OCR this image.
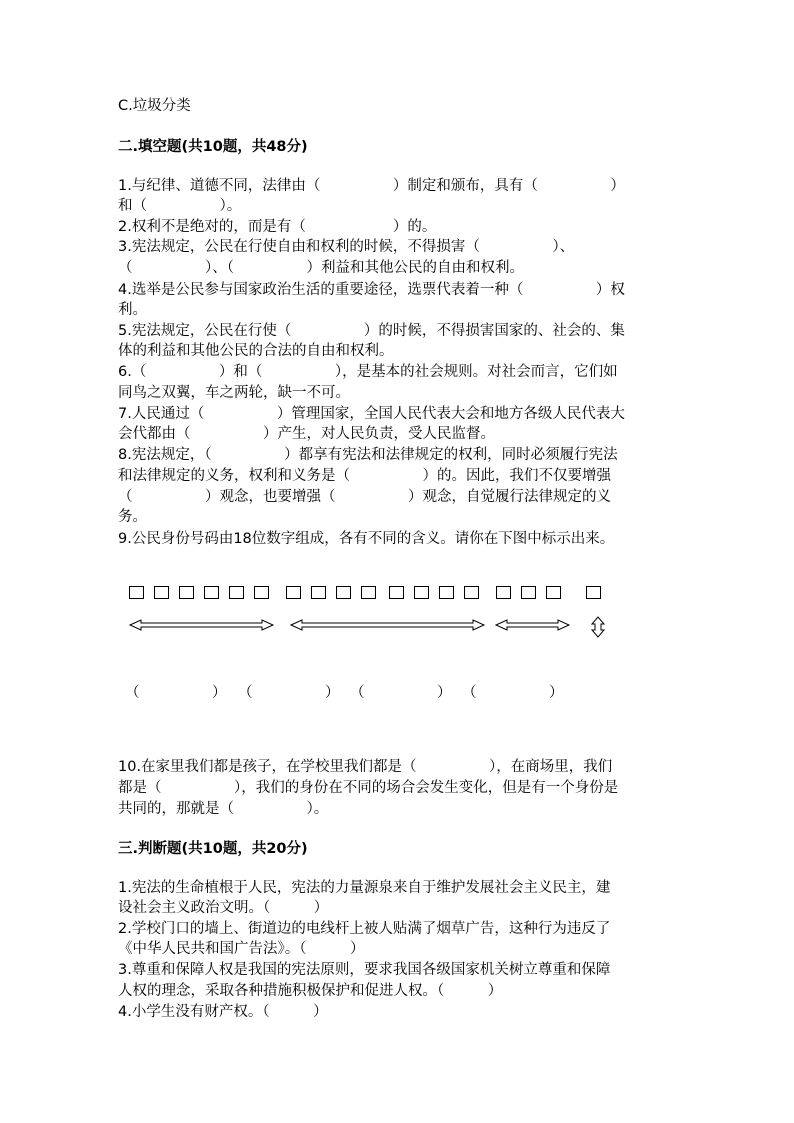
C.垃圾分类
二.填空题(共10题，共48分)
1.与纪律、道德不同，法律由（　　　　　）制定和颁布，具有（　　　　　）
和（　　　　　）。
2.权利不是绝对的，而是有（　　　　　　）的。
3.宪法规定，公民在行使自由和权利的时候，不得损害（　　　　　）、
（　　　　　）、（　　　　　）利益和其他公民的自由和权利。
4.选举是公民参与国家政治生活的重要途径，选票代表着一种（　　　　　）权
利。
5.宪法规定，公民在行使（　　　　　）的时候，不得损害国家的、社会的、集
体的利益和其他公民的合法的自由和权利。
6.（　　　　　）和（　　　　　），是基本的社会规则。对社会而言，它们如
同鸟之双翼，车之两轮，缺一不可。
7.人民通过（　　　　　）管理国家，全国人民代表大会和地方各级人民代表大
会代都由（　　　　　）产生，对人民负责，受人民监督。
8.宪法规定，（　　　　　）都享有宪法和法律规定的权利，同时必须履行宪法
和法律规定的义务，权利和义务是（　　　　　）的。因此，我们不仅要增强
（　　　　　）观念，也要增强（　　　　　）观念，自觉履行法律规定的义
务。
9.公民身份号码由18位数字组成，各有不同的含义。请你在下图中标示出来。
（　　　　　） （　　　　　） （　　　　　） （　　　　　）
10.在家里我们都是孩子，在学校里我们都是（　　　　　），在商场里，我们
都是（　　　　　），我们的身份在不同的场合会发生变化，但是有一个身份是
共同的，那就是（　　　　　）。
三.判断题(共10题，共20分)
1.宪法的生命植根于人民，宪法的力量源泉来自于维护发展社会主义民主，建
设社会主义政治文明。（　　　）
2.学校门口的墙上、街道边的电线杆上被人贴满了烟草广告，这种行为违反了
《中华人民共和国广告法》。（　　　）
3.尊重和保障人权是我国的宪法原则，要求我国各级国家机关树立尊重和保障
人权的理念，采取各种措施积极保护和促进人权。（　　　）
4.小学生没有财产权。（　　　）
